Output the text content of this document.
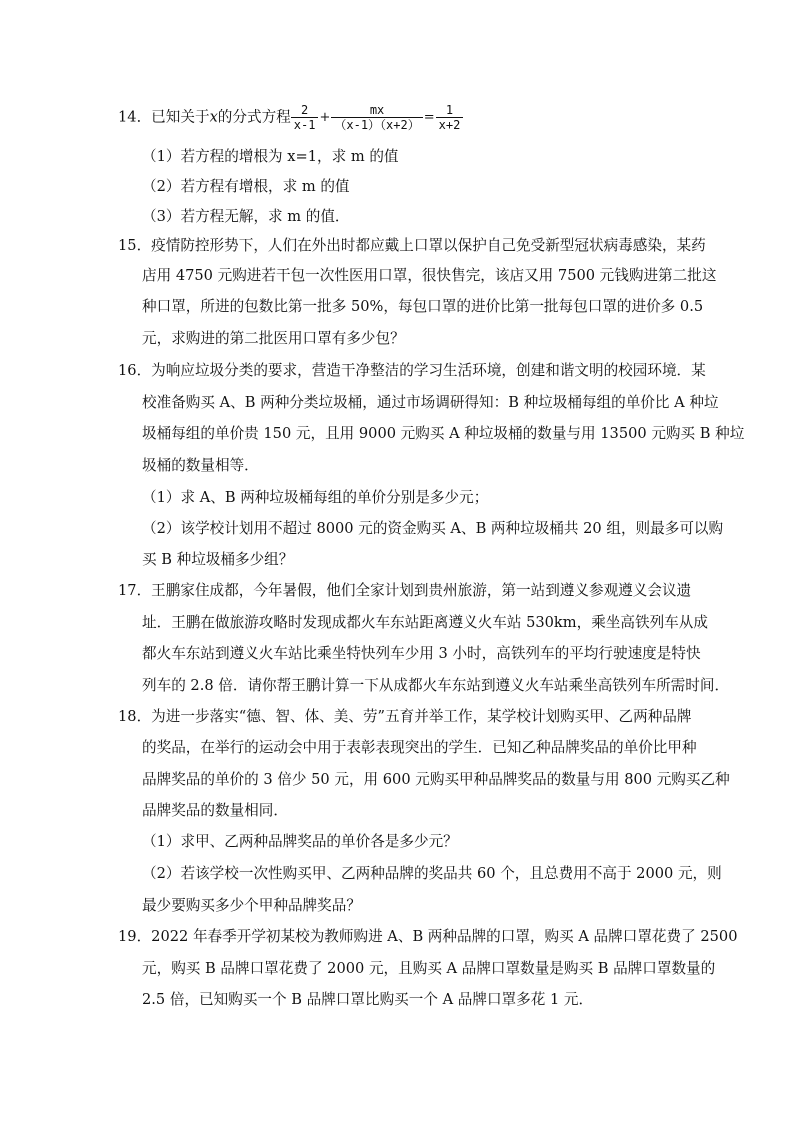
14．已知关于x的分式方程 $\frac{2}{x-1} + \frac{mx}{(x-1)(x+2)} = \frac{1}{x+2}$
（1）若方程的增根为 x=1，求 m 的值
（2）若方程有增根，求 m 的值
（3）若方程无解，求 m 的值．
15．疫情防控形势下，人们在外出时都应戴上口罩以保护自己免受新型冠状病毒感染，某药
店用 4750 元购进若干包一次性医用口罩，很快售完，该店又用 7500 元钱购进第二批这
种口罩，所进的包数比第一批多 50%，每包口罩的进价比第一批每包口罩的进价多 0.5
元，求购进的第二批医用口罩有多少包？
16．为响应垃圾分类的要求，营造干净整洁的学习生活环境，创建和谐文明的校园环境．某
校准备购买 A、B 两种分类垃圾桶，通过市场调研得知：B 种垃圾桶每组的单价比 A 种垃
圾桶每组的单价贵 150 元，且用 9000 元购买 A 种垃圾桶的数量与用 13500 元购买 B 种垃
圾桶的数量相等．
（1）求 A、B 两种垃圾桶每组的单价分别是多少元；
（2）该学校计划用不超过 8000 元的资金购买 A、B 两种垃圾桶共 20 组，则最多可以购
买 B 种垃圾桶多少组？
17．王鹏家住成都，今年暑假，他们全家计划到贵州旅游，第一站到遵义参观遵义会议遗
址．王鹏在做旅游攻略时发现成都火车东站距离遵义火车站 530km，乘坐高铁列车从成
都火车东站到遵义火车站比乘坐特快列车少用 3 小时，高铁列车的平均行驶速度是特快
列车的 2.8 倍．请你帮王鹏计算一下从成都火车东站到遵义火车站乘坐高铁列车所需时间．
18．为进一步落实“德、智、体、美、劳”五育并举工作，某学校计划购买甲、乙两种品牌
的奖品，在举行的运动会中用于表彰表现突出的学生．已知乙种品牌奖品的单价比甲种
品牌奖品的单价的 3 倍少 50 元，用 600 元购买甲种品牌奖品的数量与用 800 元购买乙种
品牌奖品的数量相同．
（1）求甲、乙两种品牌奖品的单价各是多少元？
（2）若该学校一次性购买甲、乙两种品牌的奖品共 60 个，且总费用不高于 2000 元，则
最少要购买多少个甲种品牌奖品？
19．2022 年春季开学初某校为教师购进 A、B 两种品牌的口罩，购买 A 品牌口罩花费了 2500
元，购买 B 品牌口罩花费了 2000 元，且购买 A 品牌口罩数量是购买 B 品牌口罩数量的
2.5 倍，已知购买一个 B 品牌口罩比购买一个 A 品牌口罩多花 1 元．
